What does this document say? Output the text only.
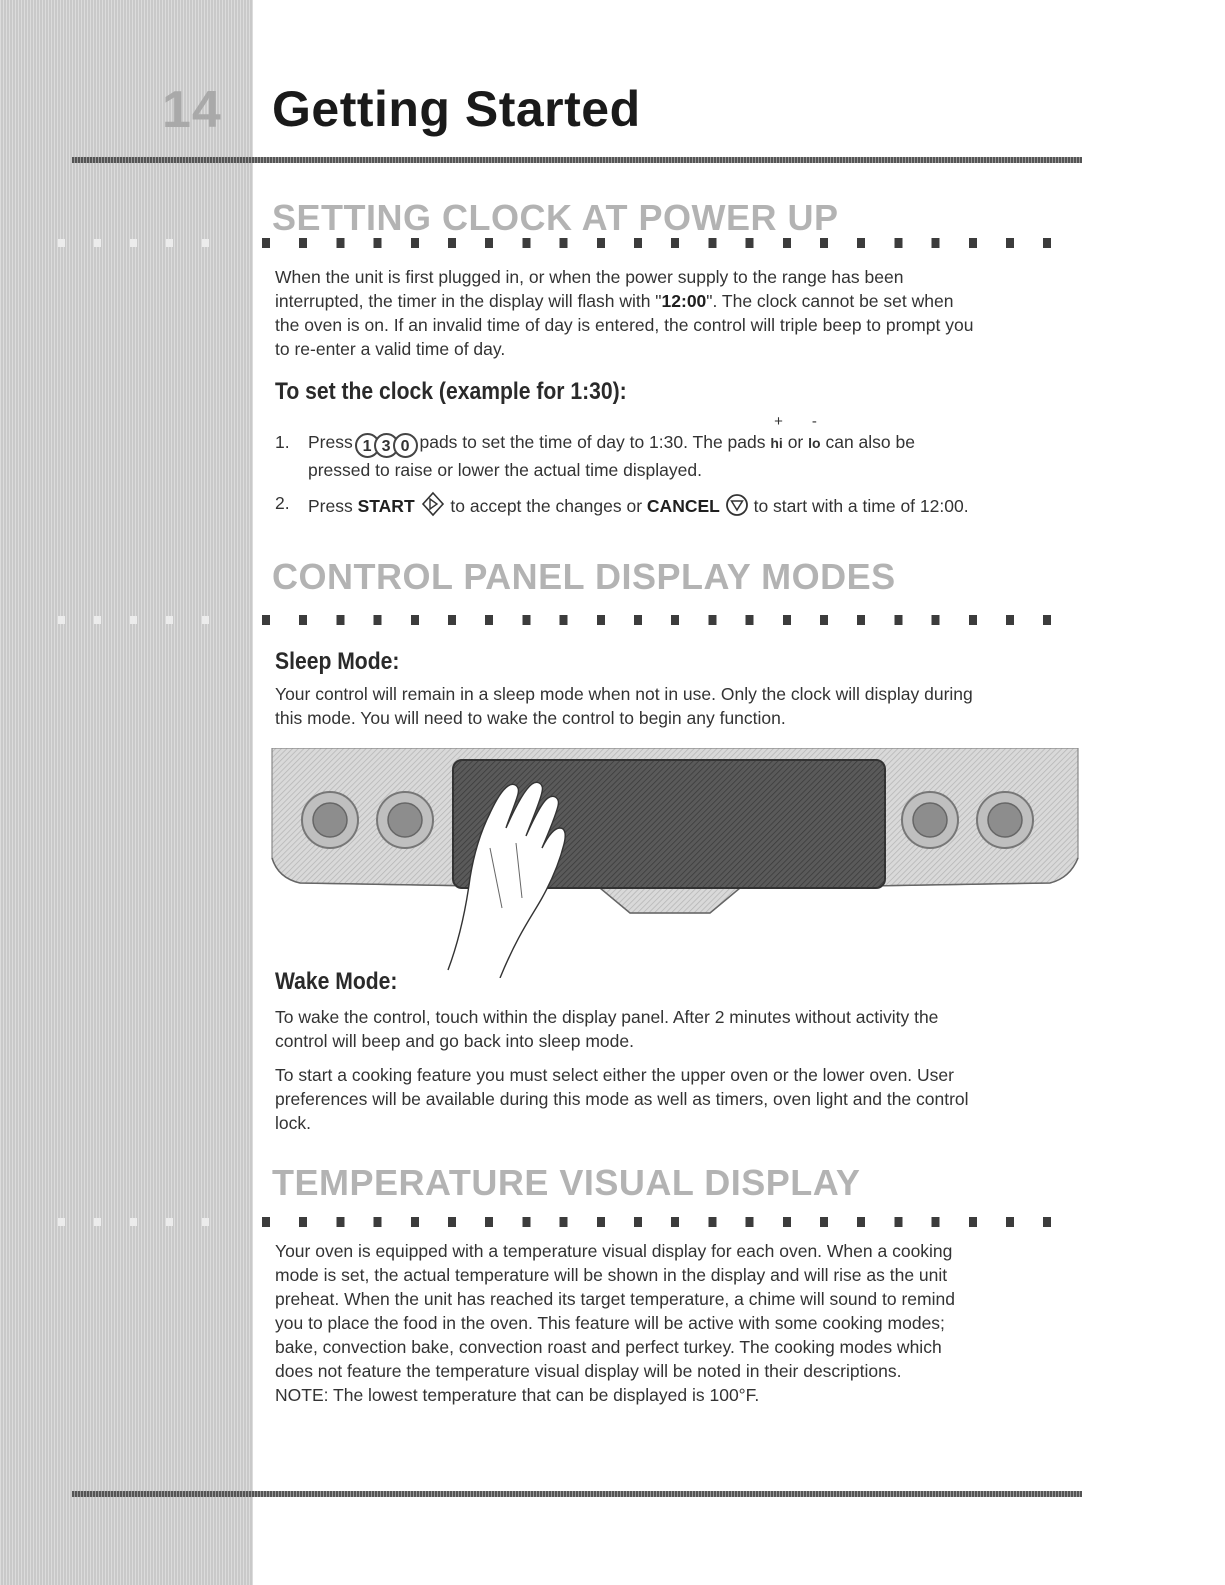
14 Getting Started
SETTING CLOCK AT POWER UP

When the unit is first plugged in, or when the power supply to the range has been
interrupted, the timer in the display will flash with "12:00". The clock cannot be set when
the oven is on. If an invalid time of day is entered, the control will triple beep to prompt you
to re-enter a valid time of day.

To set the clock (example for 1:30):
1. Press 1 3 0 pads to set the time of day to 1:30. The pads
+
hi or
-
lo can also be
pressed to raise or lower the actual time displayed.
2. Press START to accept the changes or CANCEL to start with a time of 12:00.
CONTROL PANEL DISPLAY MODES
Sleep Mode:

Your control will remain in a sleep mode when not in use. Only the clock will display during
this mode. You will need to wake the control to begin any function.

Wake Mode:

To wake the control, touch within the display panel. After 2 minutes without activity the
control will beep and go back into sleep mode.

To start a cooking feature you must select either the upper oven or the lower oven. User
preferences will be available during this mode as well as timers, oven light and the control
lock.

TEMPERATURE VISUAL DISPLAY

Your oven is equipped with a temperature visual display for each oven. When a cooking
mode is set, the actual temperature will be shown in the display and will rise as the unit
preheat. When the unit has reached its target temperature, a chime will sound to remind
you to place the food in the oven. This feature will be active with some cooking modes;
bake, convection bake, convection roast and perfect turkey. The cooking modes which
does not feature the temperature visual display will be noted in their descriptions.
NOTE: The lowest temperature that can be displayed is 100°F.
